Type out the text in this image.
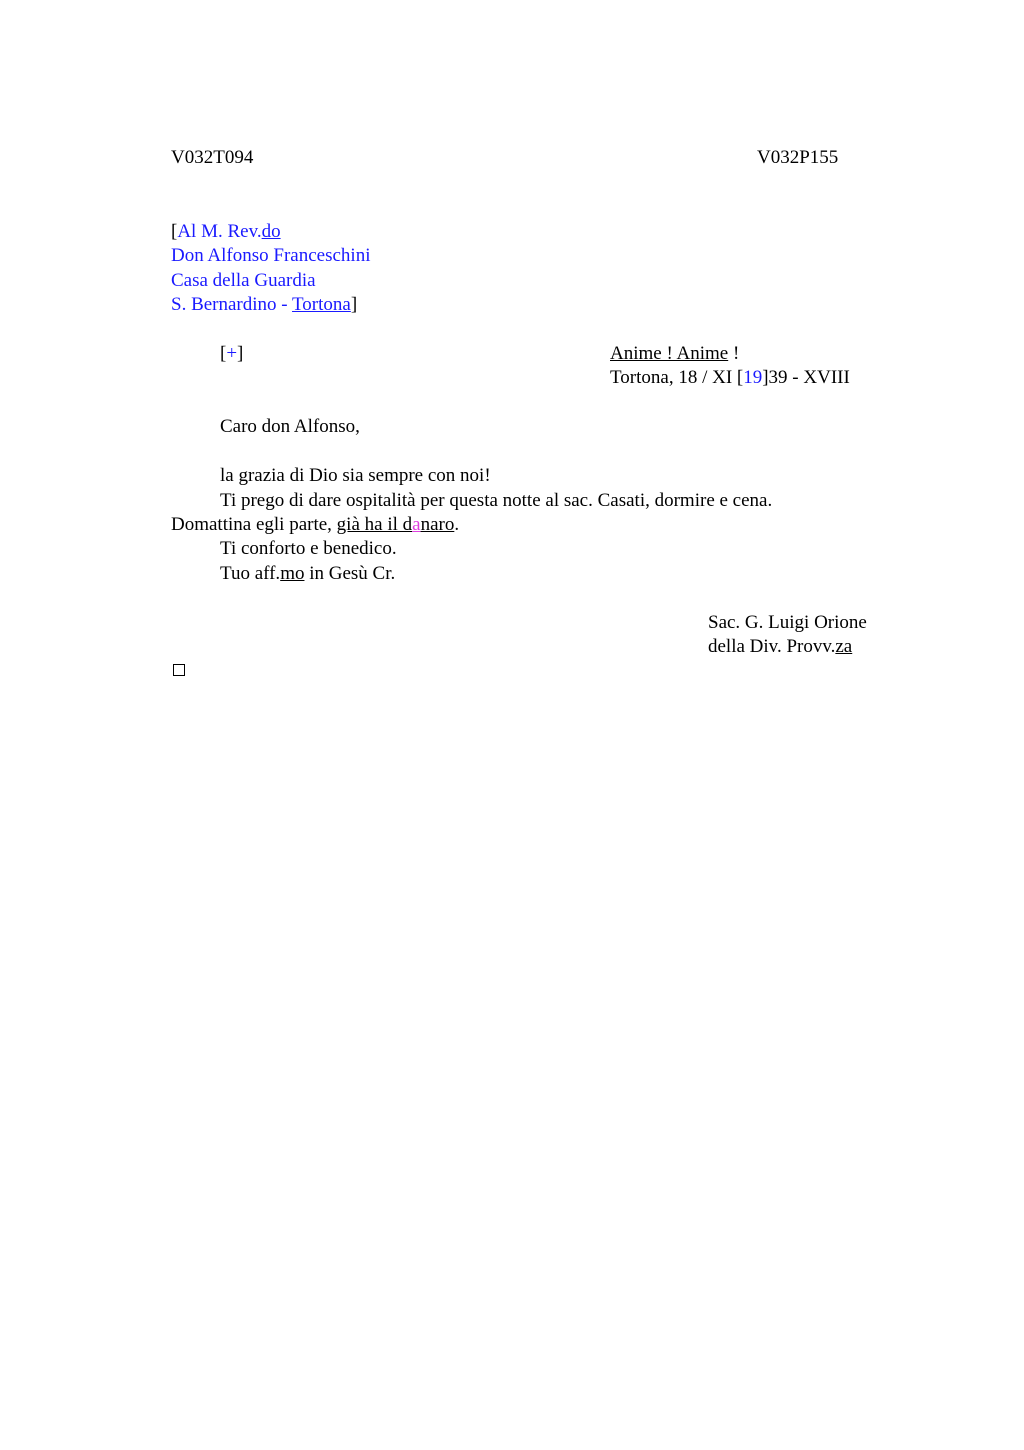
V032T094	V032P155
[Al M. Rev.do
Don Alfonso Franceschini
Casa della Guardia
S. Bernardino - Tortona]
[+]	Anime ! Anime !
Tortona, 18 / XI [19]39 - XVIII
Caro don Alfonso,
la grazia di Dio sia sempre con noi!
Ti prego di dare ospitalità per questa notte al sac. Casati, dormire e cena.
Domattina egli parte, già ha il danaro.
Ti conforto e benedico.
Tuo aff.mo in Gesù Cr.
Sac. G. Luigi Orione
della Div. Provv.za
